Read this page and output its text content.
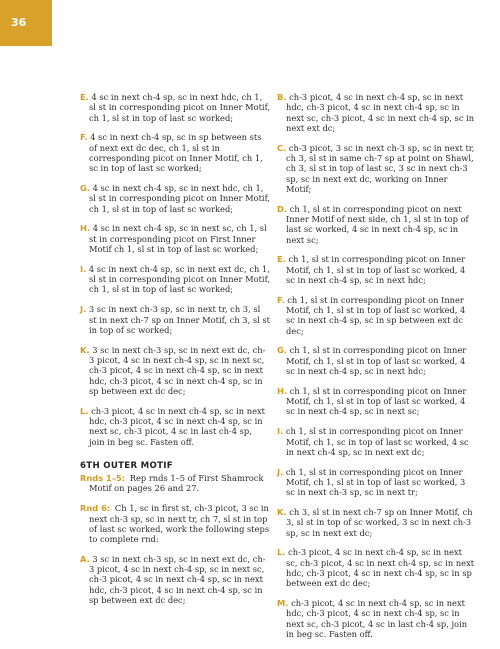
36
E. 4 sc in next ch-4 sp, sc in next hdc, ch 1, sl st in corresponding picot on Inner Motif, ch 1, sl st in top of last sc worked;
F. 4 sc in next ch-4 sp, sc in sp between sts of next ext dc dec, ch 1, sl st in corresponding picot on Inner Motif, ch 1, sc in top of last sc worked;
G. 4 sc in next ch-4 sp, sc in next hdc, ch 1, sl st in corresponding picot on Inner Motif, ch 1, sl st in top of last sc worked;
H. 4 sc in next ch-4 sp, sc in next sc, ch 1, sl st in corresponding picot on First Inner Motif ch 1, sl st in top of last sc worked;
I. 4 sc in next ch-4 sp, sc in next ext dc, ch 1, sl st in corresponding picot on Inner Motif, ch 1, sl st in top of last sc worked;
J. 3 sc in next ch-3 sp, sc in next tr, ch 3, sl st in next ch-7 sp on Inner Motif, ch 3, sl st in top of sc worked;
K. 3 sc in next ch-3 sp, sc in next ext dc, ch-3 picot, 4 sc in next ch-4 sp, sc in next sc, ch-3 picot, 4 sc in next ch-4 sp, sc in next hdc, ch-3 picot, 4 sc in next ch-4 sp, sc in sp between ext dc dec;
L. ch-3 picot, 4 sc in next ch-4 sp, sc in next hdc, ch-3 picot, 4 sc in next ch-4 sp, sc in next sc, ch-3 picot, 4 sc in last ch-4 sp, join in beg sc. Fasten off.
6TH OUTER MOTIF
Rnds 1–5: Rep rnds 1–5 of First Shamrock Motif on pages 26 and 27.
Rnd 6: Ch 1, sc in first st, ch-3 picot, 3 sc in next ch-3 sp, sc in next tr, ch 7, sl st in top of last sc worked, work the following steps to complete rnd:
A. 3 sc in next ch-3 sp, sc in next ext dc, ch-3 picot, 4 sc in next ch-4 sp, sc in next sc, ch-3 picot, 4 sc in next ch-4 sp, sc in next hdc, ch-3 picot, 4 sc in next ch-4 sp, sc in sp between ext dc dec;
B. ch-3 picot, 4 sc in next ch-4 sp, sc in next hdc, ch-3 picot, 4 sc in next ch-4 sp, sc in next sc, ch-3 picot, 4 sc in next ch-4 sp, sc in next ext dc;
C. ch-3 picot, 3 sc in next ch-3 sp, sc in next tr, ch 3, sl st in same ch-7 sp at point on Shawl, ch 3, sl st in top of last sc, 3 sc in next ch-3 sp, sc in next ext dc, working on Inner Motif;
D. ch 1, sl st in corresponding picot on next Inner Motif of next side, ch 1, sl st in top of last sc worked, 4 sc in next ch-4 sp, sc in next sc;
E. ch 1, sl st in corresponding picot on Inner Motif, ch 1, sl st in top of last sc worked, 4 sc in next ch-4 sp, sc in next hdc;
F. ch 1, sl st in corresponding picot on Inner Motif, ch 1, sl st in top of last sc worked, 4 sc in next ch-4 sp, sc in sp between ext dc dec;
G. ch 1, sl st in corresponding picot on Inner Motif, ch 1, sl st in top of last sc worked, 4 sc in next ch-4 sp, sc in next hdc;
H. ch 1, sl st in corresponding picot on Inner Motif, ch 1, sl st in top of last sc worked, 4 sc in next ch-4 sp, sc in next sc;
I. ch 1, sl st in corresponding picot on Inner Motif, ch 1, sc in top of last sc worked, 4 sc in next ch-4 sp, sc in next ext dc;
J. ch 1, sl st in corresponding picot on Inner Motif, ch 1, sl st in top of last sc worked, 3 sc in next ch-3 sp, sc in next tr;
K. ch 3, sl st in next ch-7 sp on Inner Motif, ch 3, sl st in top of sc worked, 3 sc in next ch-3 sp, sc in next ext dc;
L. ch-3 picot, 4 sc in next ch-4 sp, sc in next sc, ch-3 picot, 4 sc in next ch-4 sp, sc in next hdc, ch-3 picot, 4 sc in next ch-4 sp, sc in sp between ext dc dec;
M. ch-3 picot, 4 sc in next ch-4 sp, sc in next hdc, ch-3 picot, 4 sc in next ch-4 sp, sc in next sc, ch-3 picot, 4 sc in last ch-4 sp, join in beg sc. Fasten off.
